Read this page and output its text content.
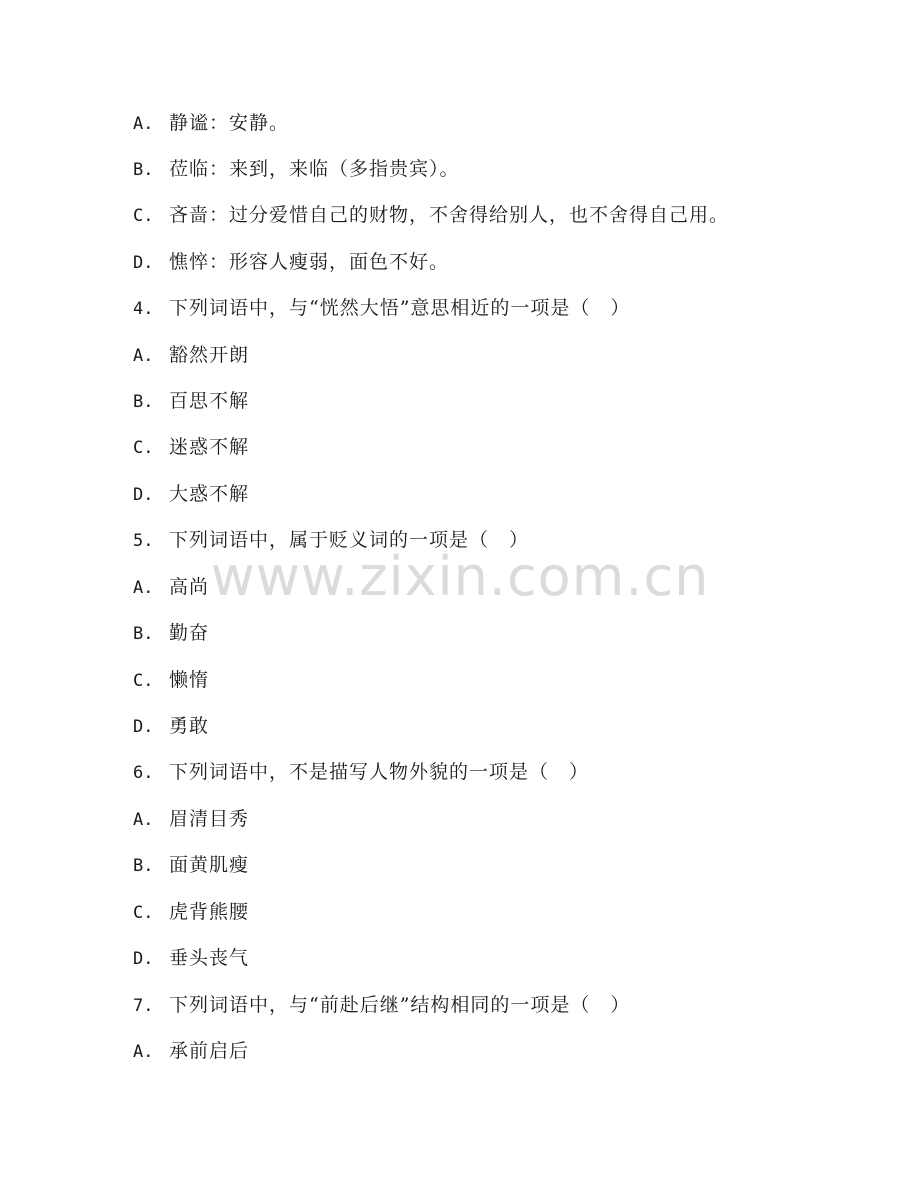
A. 静谧：安静。
B. 莅临：来到，来临（多指贵宾）。
C. 吝啬：过分爱惜自己的财物，不舍得给别人，也不舍得自己用。
D. 憔悴：形容人瘦弱，面色不好。
4. 下列词语中，与“恍然大悟”意思相近的一项是（　）
A. 豁然开朗
B. 百思不解
C. 迷惑不解
D. 大惑不解
5. 下列词语中，属于贬义词的一项是（　）
A. 高尚
B. 勤奋
C. 懒惰
D. 勇敢
6. 下列词语中，不是描写人物外貌的一项是（　）
A. 眉清目秀
B. 面黄肌瘦
C. 虎背熊腰
D. 垂头丧气
7. 下列词语中，与“前赴后继”结构相同的一项是（　）
A. 承前启后
www.zixin.com.cn
